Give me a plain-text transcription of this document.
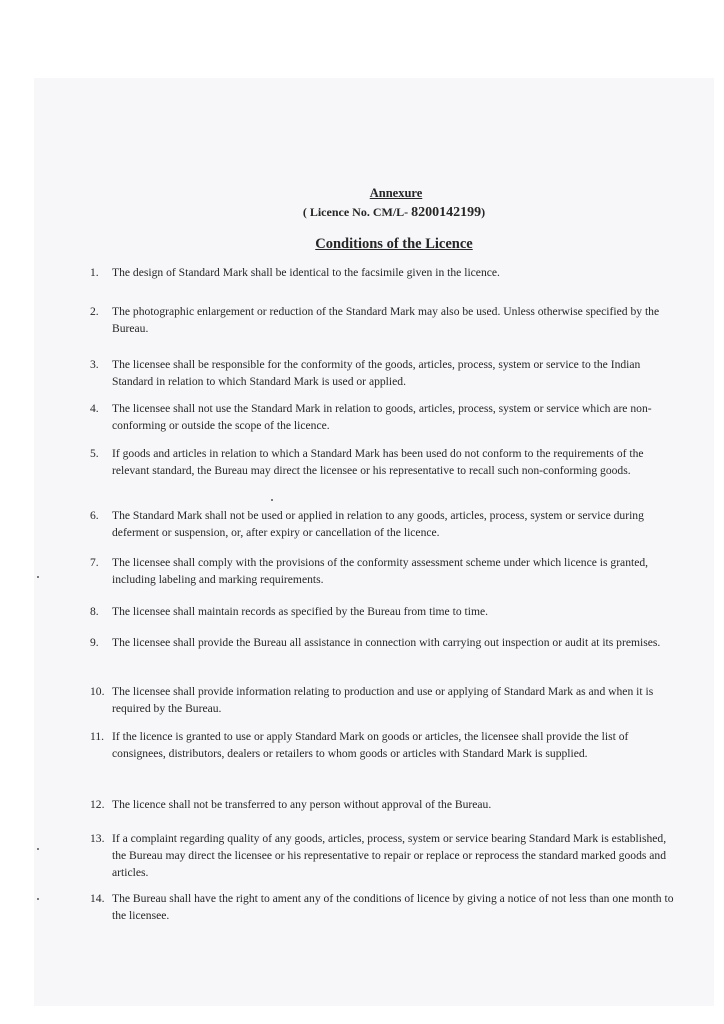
Annexure
( Licence No. CM/L- 8200142199)
Conditions of the Licence
1. The design of Standard Mark shall be identical to the facsimile given in the licence.
2. The photographic enlargement or reduction of the Standard Mark may also be used. Unless otherwise specified by the Bureau.
3. The licensee shall be responsible for the conformity of the goods, articles, process, system or service to the Indian Standard in relation to which Standard Mark is used or applied.
4. The licensee shall not use the Standard Mark in relation to goods, articles, process, system or service which are non-conforming or outside the scope of the licence.
5. If goods and articles in relation to which a Standard Mark has been used do not conform to the requirements of the relevant standard, the Bureau may direct the licensee or his representative to recall such non-conforming goods.
6. The Standard Mark shall not be used or applied in relation to any goods, articles, process, system or service during deferment or suspension, or, after expiry or cancellation of the licence.
7. The licensee shall comply with the provisions of the conformity assessment scheme under which licence is granted, including labeling and marking requirements.
8. The licensee shall maintain records as specified by the Bureau from time to time.
9. The licensee shall provide the Bureau all assistance in connection with carrying out inspection or audit at its premises.
10. The licensee shall provide information relating to production and use or applying of Standard Mark as and when it is required by the Bureau.
11. If the licence is granted to use or apply Standard Mark on goods or articles, the licensee shall provide the list of consignees, distributors, dealers or retailers to whom goods or articles with Standard Mark is supplied.
12. The licence shall not be transferred to any person without approval of the Bureau.
13. If a complaint regarding quality of any goods, articles, process, system or service bearing Standard Mark is established, the Bureau may direct the licensee or his representative to repair or replace or reprocess the standard marked goods and articles.
14. The Bureau shall have the right to ament any of the conditions of licence by giving a notice of not less than one month to the licensee.
